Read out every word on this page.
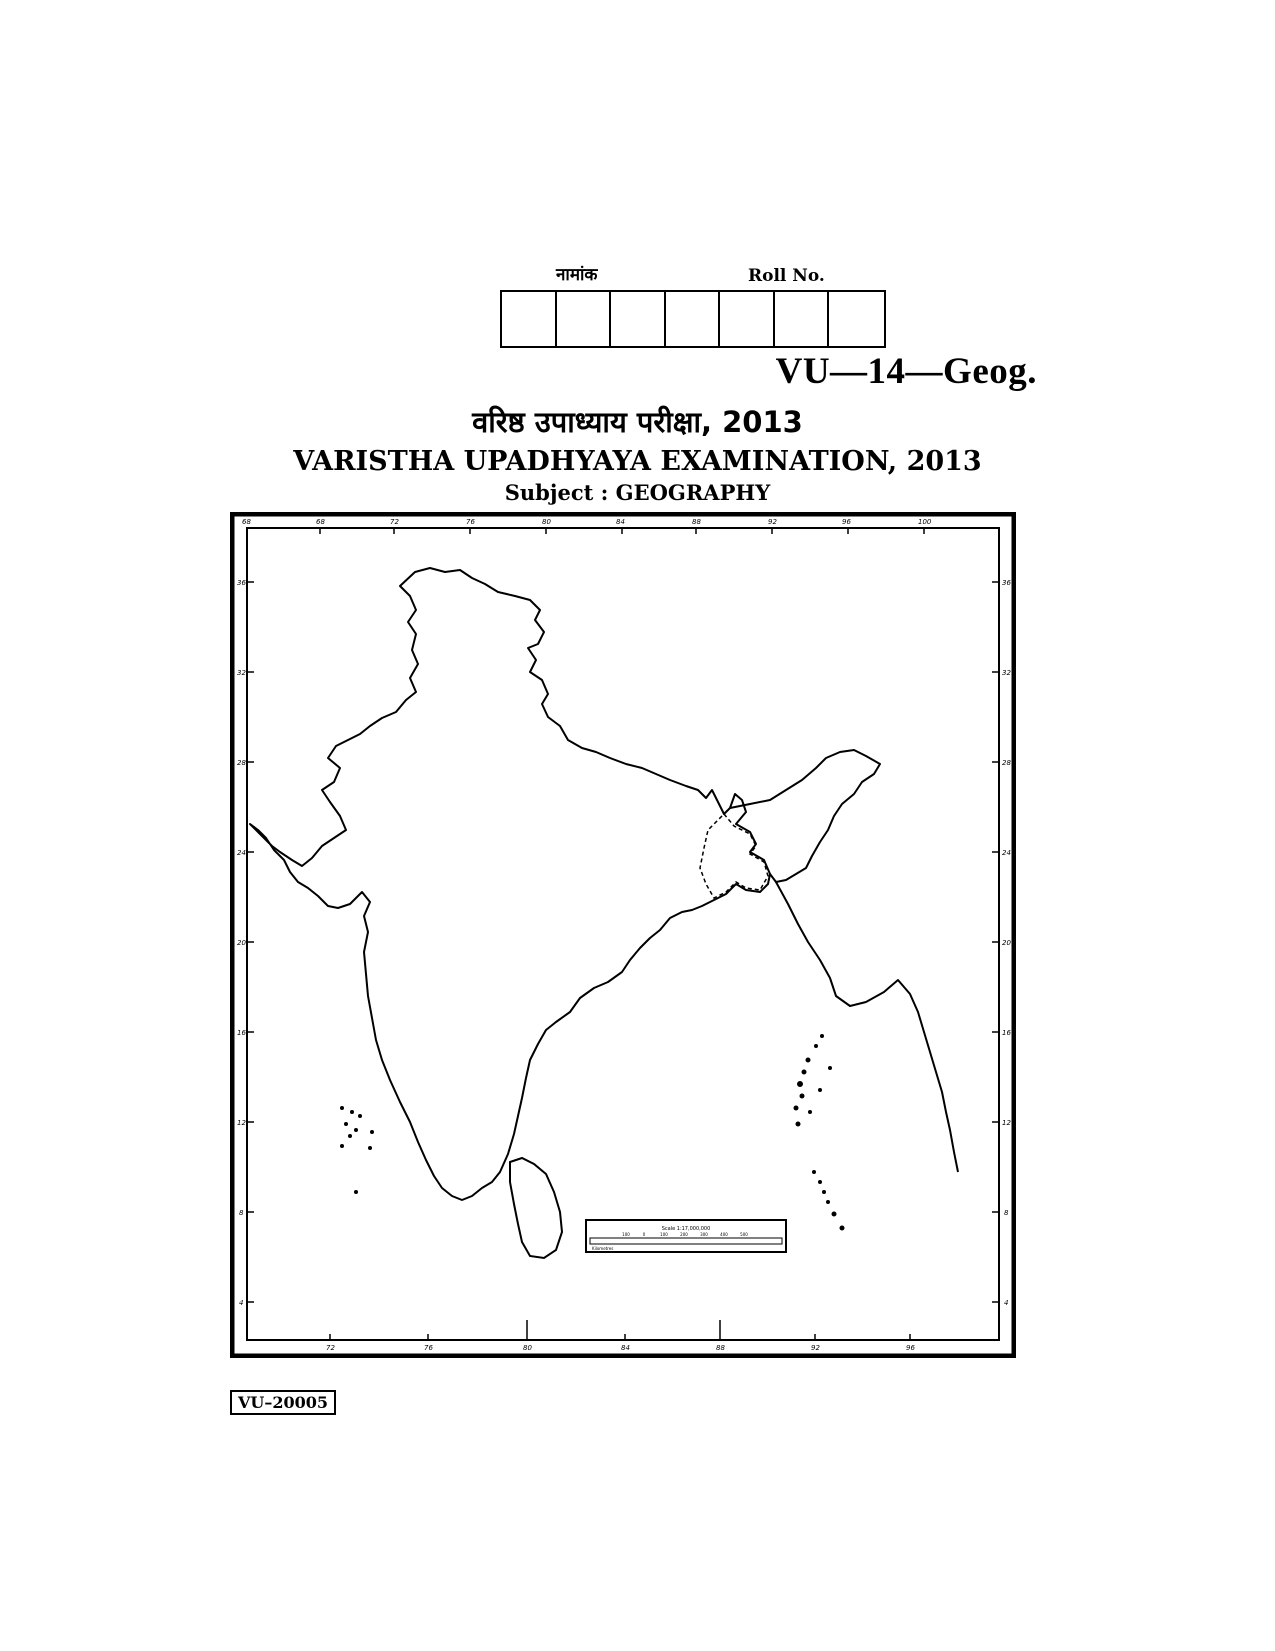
नामांक	Roll No.
VU—14—Geog.
वरिष्ठ उपाध्याय परीक्षा, 2013
VARISTHA UPADHYAYA EXAMINATION, 2013
Subject : GEOGRAPHY
68	68	72	76	80	84	88	92	96	100
72	76	80	84	88	92	96
36
32
28
24
20
16
12
8
4
36
32
28
24
20
16
12
8
4
Scale 1:17,000,000
Kilometres
100	0	100	200	300	400	500
VU–20005
